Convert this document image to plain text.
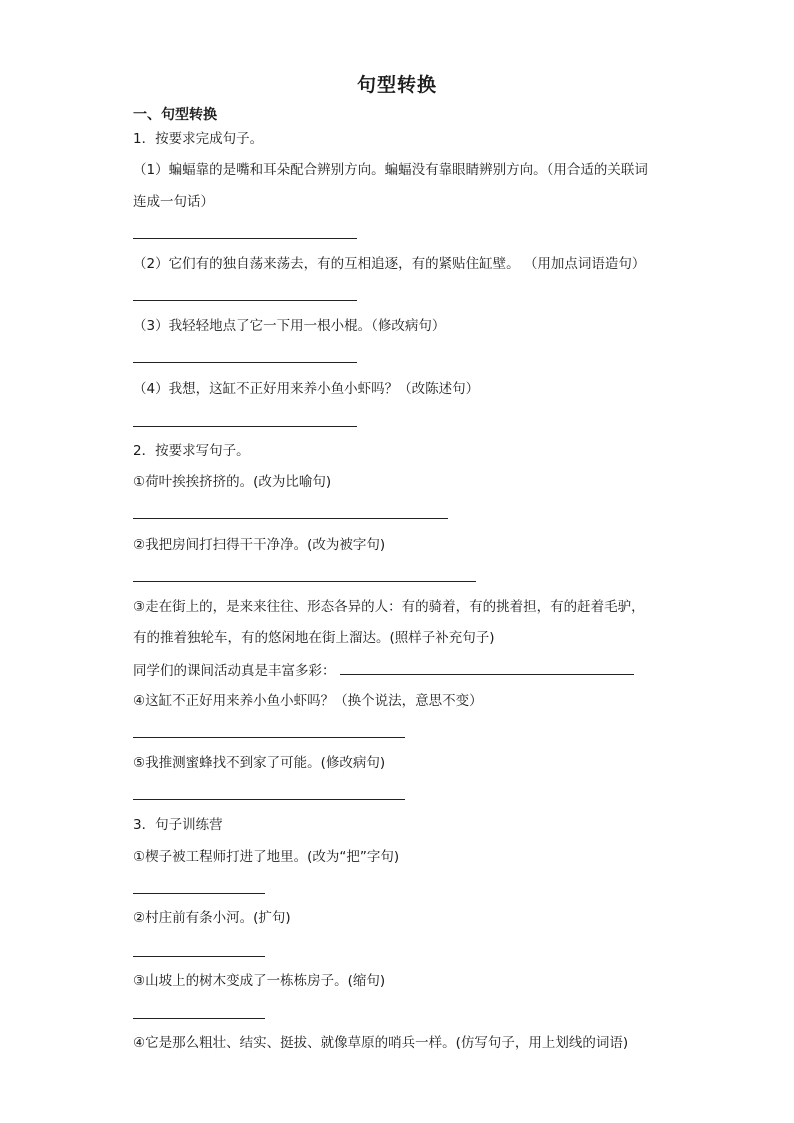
句型转换
一、句型转换
1．按要求完成句子。
（1）蝙蝠靠的是嘴和耳朵配合辨别方向。蝙蝠没有靠眼睛辨别方向。（用合适的关联词
连成一句话）
（2）它们有的独自荡来荡去，有的互相追逐，有的紧贴住缸壁。 （用加点词语造句）
（3）我轻轻地点了它一下用一根小棍。（修改病句）
（4）我想，这缸不正好用来养小鱼小虾吗？（改陈述句）
2．按要求写句子。
①荷叶挨挨挤挤的。(改为比喻句)
②我把房间打扫得干干净净。(改为被字句)
③走在街上的，是来来往往、形态各异的人：有的骑着，有的挑着担，有的赶着毛驴，
有的推着独轮车，有的悠闲地在街上溜达。(照样子补充句子)
同学们的课间活动真是丰富多彩：
④这缸不正好用来养小鱼小虾吗？（换个说法，意思不变）
⑤我推测蜜蜂找不到家了可能。(修改病句)
3．句子训练营
①楔子被工程师打进了地里。(改为“把”字句)
②村庄前有条小河。(扩句)
③山坡上的树木变成了一栋栋房子。(缩句)
④它是那么粗壮、结实、挺拔、就像草原的哨兵一样。(仿写句子，用上划线的词语)
